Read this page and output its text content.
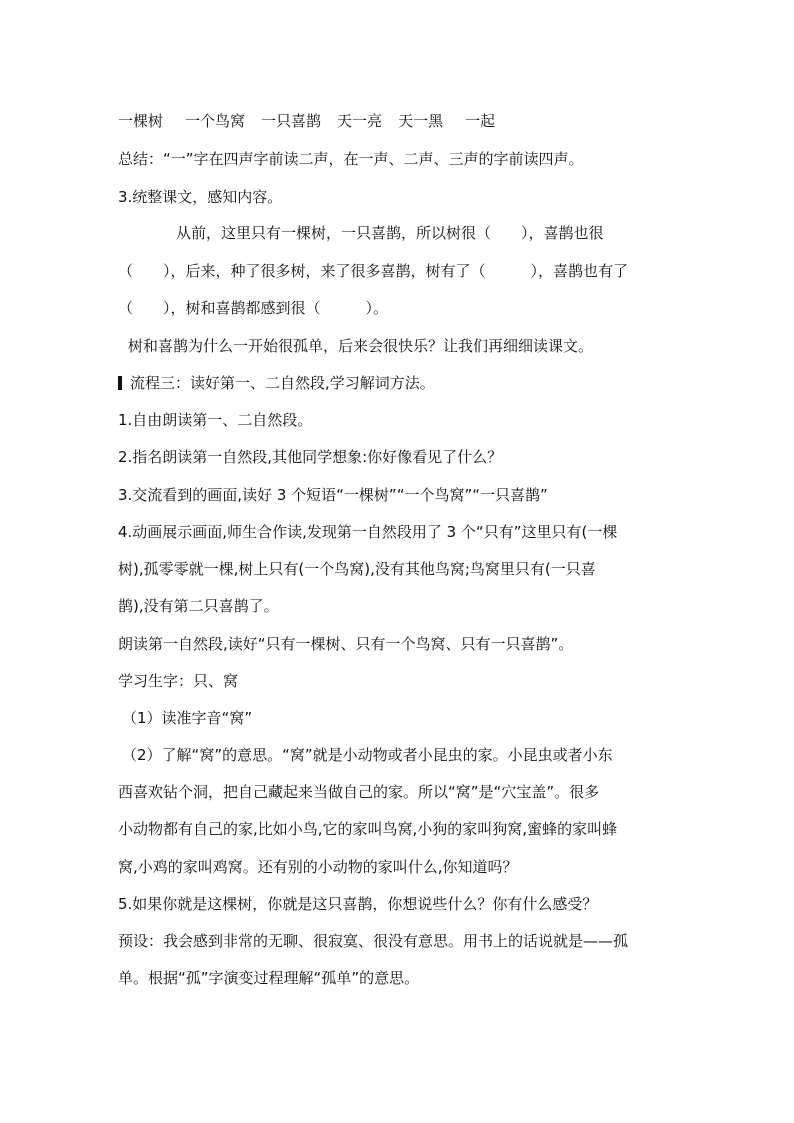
一棵树 一个鸟窝 一只喜鹊 天一亮 天一黑 一起
总结：“一”字在四声字前读二声，在一声、二声、三声的字前读四声。
3.统整课文，感知内容。
从前，这里只有一棵树，一只喜鹊，所以树很（　　），喜鹊也很
（　　），后来，种了很多树，来了很多喜鹊，树有了（　　　），喜鹊也有了
（　　），树和喜鹊都感到很（　　　）。
树和喜鹊为什么一开始很孤单，后来会很快乐？让我们再细细读课文。
流程三：读好第一、二自然段,学习解词方法。
1.自由朗读第一、二自然段。
2.指名朗读第一自然段,其他同学想象:你好像看见了什么？
3.交流看到的画面,读好 3 个短语“一棵树”“一个鸟窝”“一只喜鹊”
4.动画展示画面,师生合作读,发现第一自然段用了 3 个“只有”这里只有(一棵
树),孤零零就一棵,树上只有(一个鸟窝),没有其他鸟窝;鸟窝里只有(一只喜
鹊),没有第二只喜鹊了。
朗读第一自然段,读好“只有一棵树、只有一个鸟窝、只有一只喜鹊”。
学习生字：只、窝
（1）读准字音“窝”
（2）了解“窝”的意思。“窝”就是小动物或者小昆虫的家。小昆虫或者小东
西喜欢钻个洞，把自己藏起来当做自己的家。所以“窝”是“穴宝盖”。很多
小动物都有自己的家,比如小鸟,它的家叫鸟窝,小狗的家叫狗窝,蜜蜂的家叫蜂
窝,小鸡的家叫鸡窝。还有别的小动物的家叫什么,你知道吗？
5.如果你就是这棵树，你就是这只喜鹊，你想说些什么？你有什么感受？
预设：我会感到非常的无聊、很寂寞、很没有意思。用书上的话说就是——孤
单。根据“孤”字演变过程理解“孤单”的意思。
